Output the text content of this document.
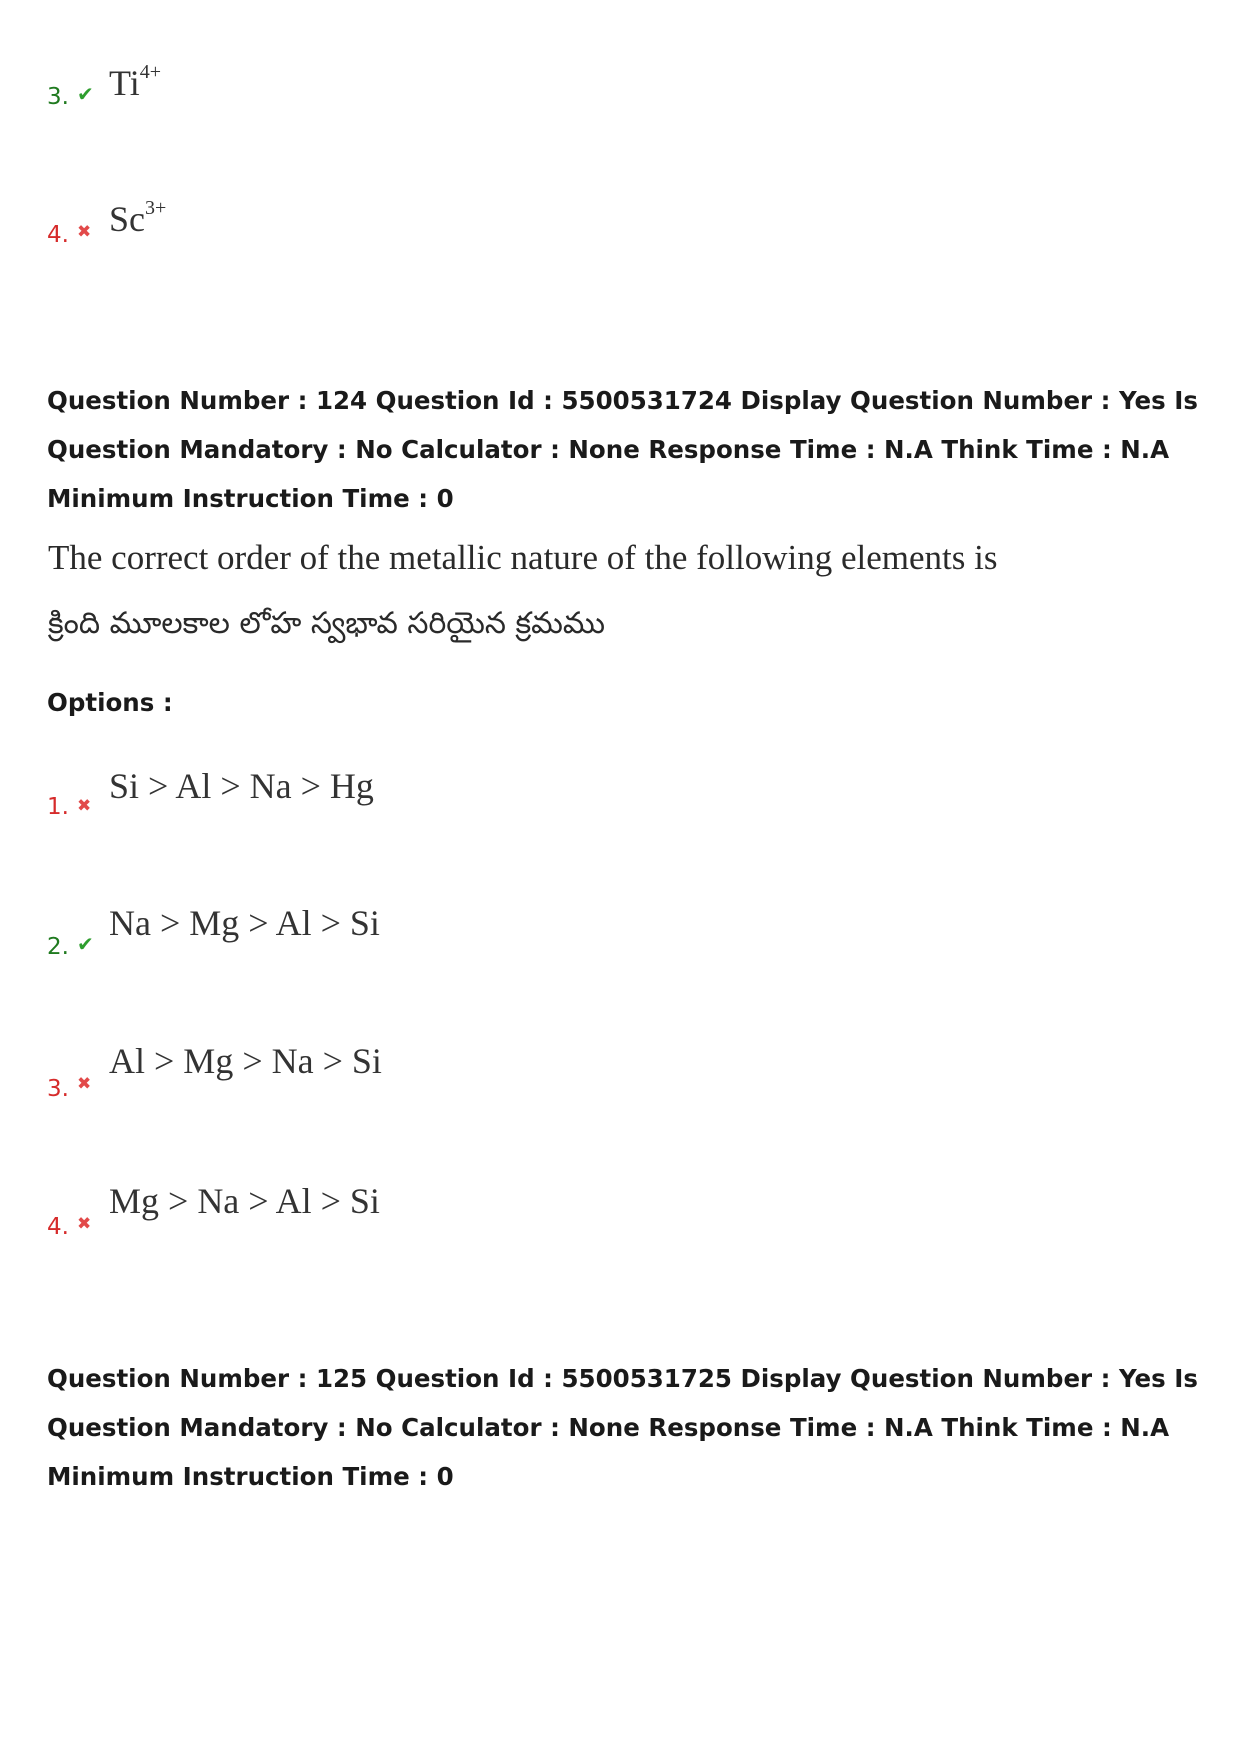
3. ✔ $Ti^{4+}$
4. ✖ $Sc^{3+}$
Question Number : 124 Question Id : 5500531724 Display Question Number : Yes Is Question Mandatory : No Calculator : None Response Time : N.A Think Time : N.A Minimum Instruction Time : 0
The correct order of the metallic nature of the following elements is
క్రింది మూలకాల లోహ స్వభావ సరియైన క్రమము
Options :
1. ✖ Si > Al > Na > Hg
2. ✔
Na > Mg > Al > Si
3. ✖
Al > Mg > Na > Si
4. ✖
Mg > Na > Al > Si
Question Number : 125 Question Id : 5500531725 Display Question Number : Yes Is Question Mandatory : No Calculator : None Response Time : N.A Think Time : N.A Minimum Instruction Time : 0
